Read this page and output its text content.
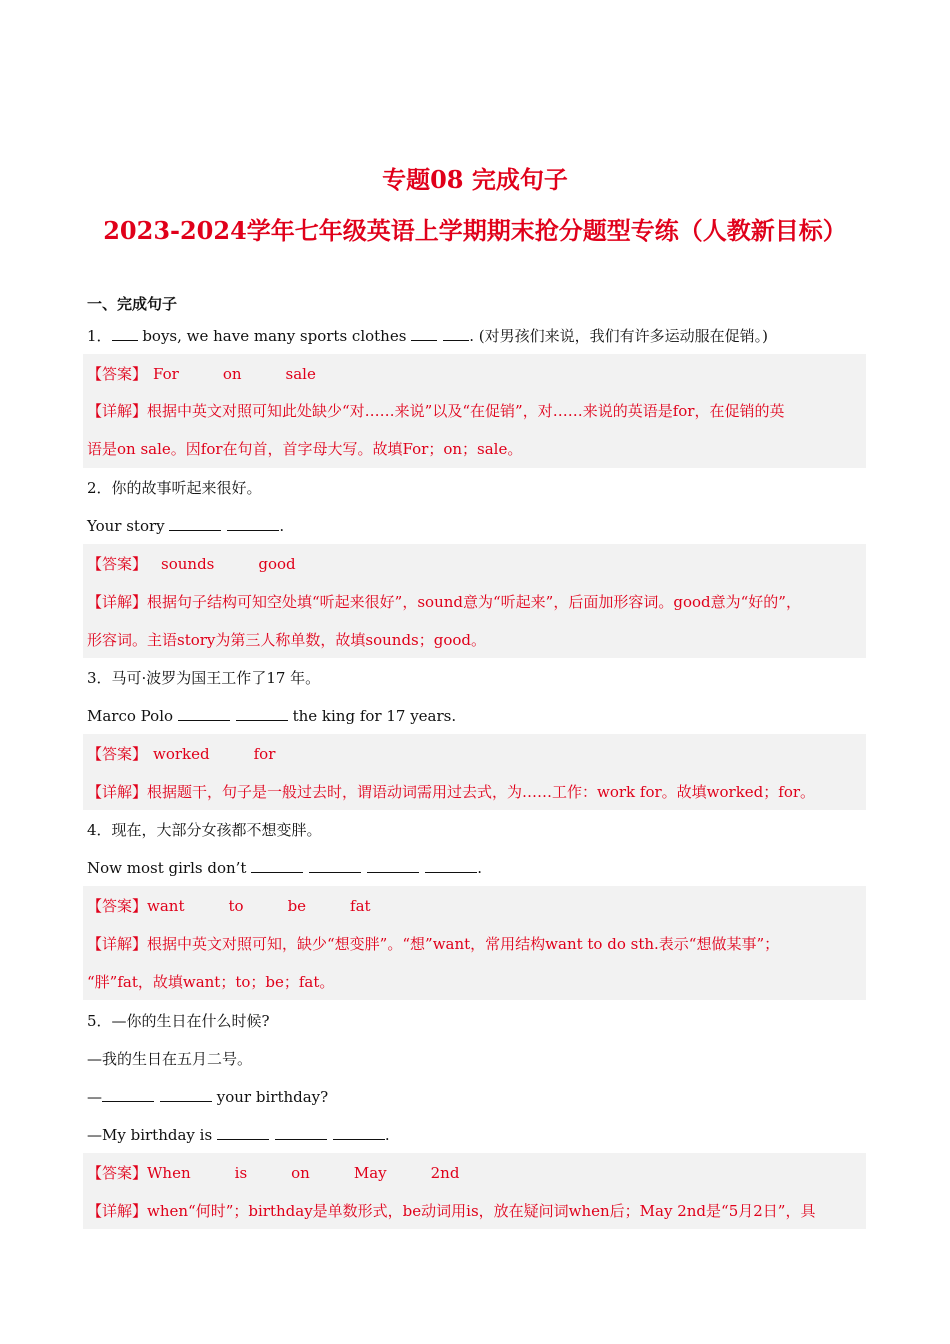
专题08 完成句子
2023-2024学年七年级英语上学期期末抢分题型专练（人教新目标）
一、完成句子
1． boys, we have many sports clothes	. (对男孩们来说，我们有许多运动服在促销。)
【答案】 For	on	sale
【详解】根据中英文对照可知此处缺少“对……来说”以及“在促销”，对……来说的英语是for，在促销的英
语是on sale。因for在句首，首字母大写。故填For；on；sale。
2．你的故事听起来很好。
Your story	.
【答案】 sounds	good
【详解】根据句子结构可知空处填“听起来很好”，sound意为“听起来”，后面加形容词。good意为“好的”，
形容词。主语story为第三人称单数，故填sounds；good。
3．马可·波罗为国王工作了17 年。
Marco Polo	the king for 17 years.
【答案】 worked	for
【详解】根据题干，句子是一般过去时，谓语动词需用过去式，为……工作：work for。故填worked；for。
4．现在，大部分女孩都不想变胖。
Now most girls don’t	.
【答案】want	to	be	fat
【详解】根据中英文对照可知，缺少“想变胖”。“想”want，常用结构want to do sth.表示“想做某事”；
“胖”fat，故填want；to；be；fat。
5．—你的生日在什么时候?
—我的生日在五月二号。
—	your birthday?
—My birthday is	.
【答案】When	is	on	May	2nd
【详解】when“何时”；birthday是单数形式，be动词用is，放在疑问词when后；May 2nd是“5月2日”，具
